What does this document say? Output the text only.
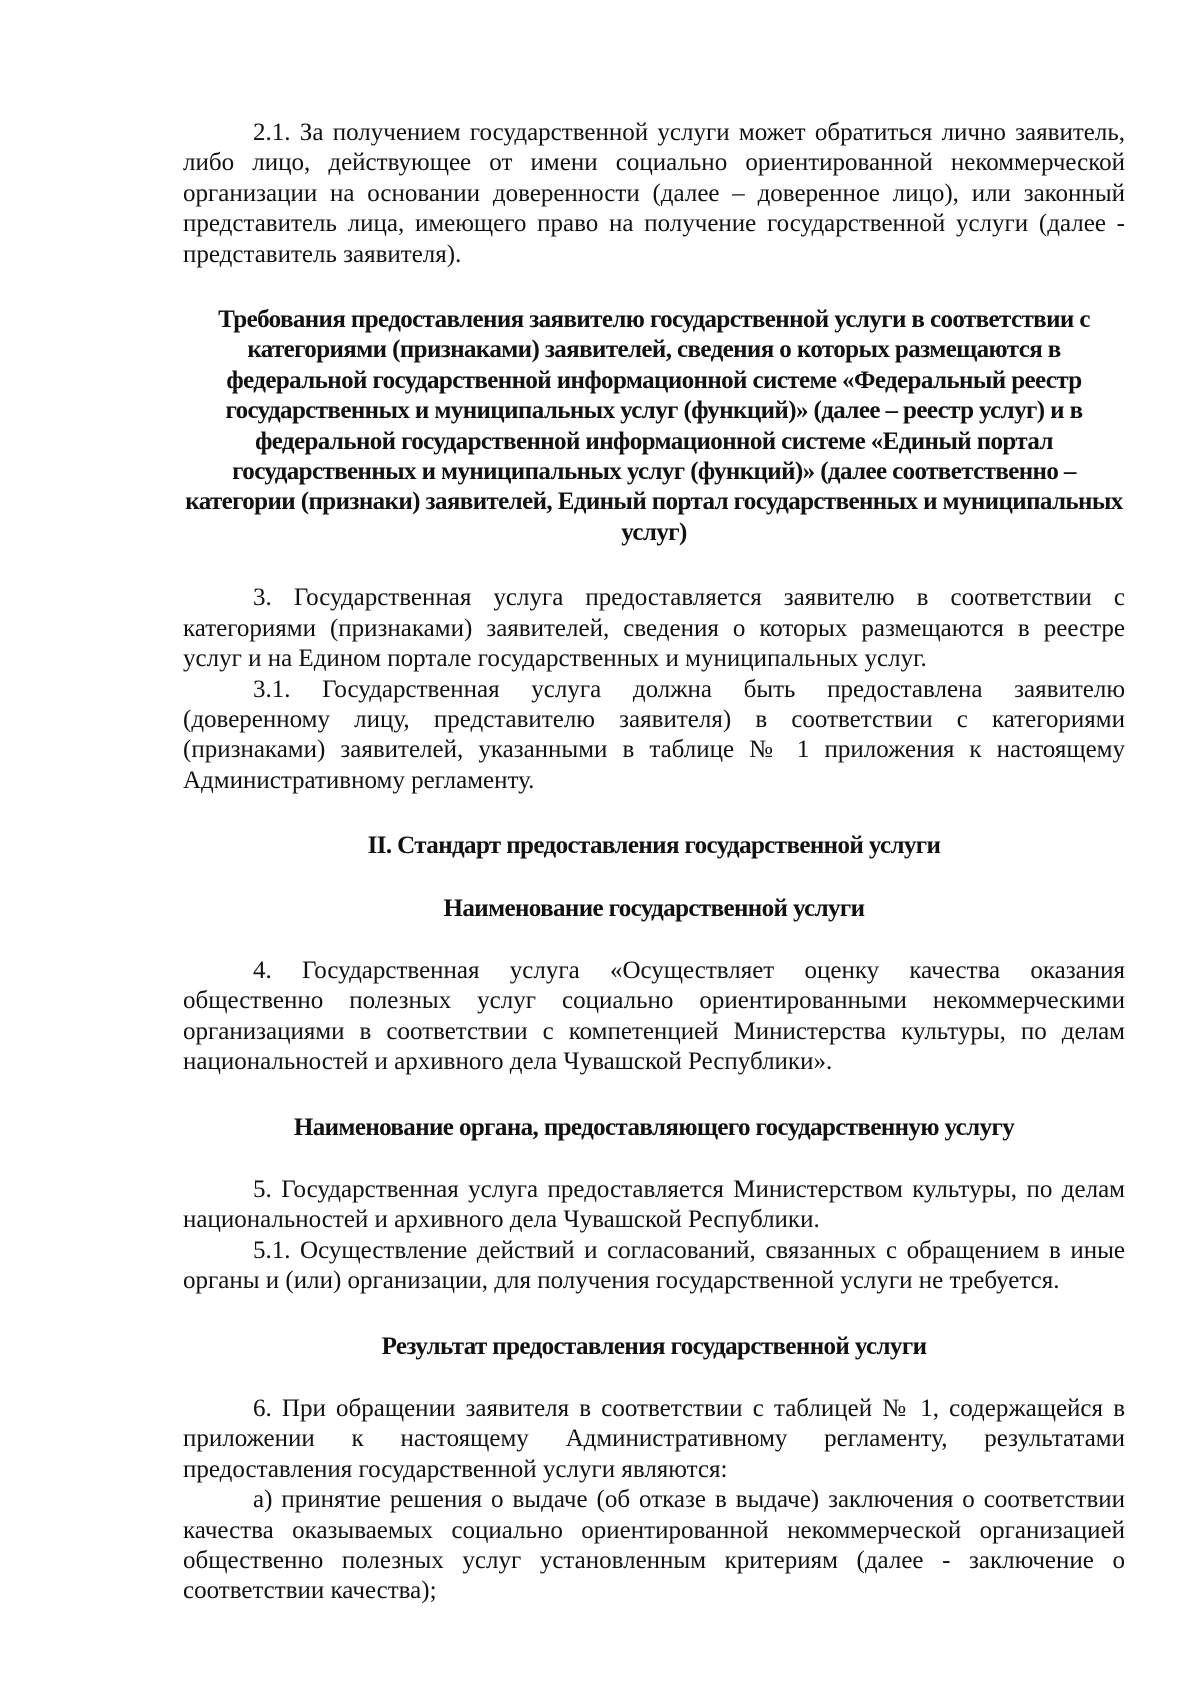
2.1. За получением государственной услуги может обратиться лично заявитель, либо лицо, действующее от имени социально ориентированной некоммерческой организации на основании доверенности (далее – доверенное лицо), или законный представитель лица, имеющего право на получение государственной услуги (далее - представитель заявителя).

Требования предоставления заявителю государственной услуги в соответствии с категориями (признаками) заявителей, сведения о которых размещаются в федеральной государственной информационной системе «Федеральный реестр государственных и муниципальных услуг (функций)» (далее – реестр услуг) и в федеральной государственной информационной системе «Единый портал государственных и муниципальных услуг (функций)» (далее соответственно – категории (признаки) заявителей, Единый портал государственных и муниципальных услуг)

3. Государственная услуга предоставляется заявителю в соответствии с категориями (признаками) заявителей, сведения о которых размещаются в реестре услуг и на Едином портале государственных и муниципальных услуг.

3.1. Государственная услуга должна быть предоставлена заявителю (доверенному лицу, представителю заявителя) в соответствии с категориями (признаками) заявителей, указанными в таблице № 1 приложения к настоящему Административному регламенту.

II. Стандарт предоставления государственной услуги
Наименование государственной услуги

4. Государственная услуга «Осуществляет оценку качества оказания общественно полезных услуг социально ориентированными некоммерческими организациями в соответствии с компетенцией Министерства культуры, по делам национальностей и архивного дела Чувашской Республики».

Наименование органа, предоставляющего государственную услугу

5. Государственная услуга предоставляется Министерством культуры, по делам национальностей и архивного дела Чувашской Республики.

5.1. Осуществление действий и согласований, связанных с обращением в иные органы и (или) организации, для получения государственной услуги не требуется.

Результат предоставления государственной услуги

6. При обращении заявителя в соответствии с таблицей № 1, содержащейся в приложении к настоящему Административному регламенту, результатами предоставления государственной услуги являются:

а) принятие решения о выдаче (об отказе в выдаче) заключения о соответствии качества оказываемых социально ориентированной некоммерческой организацией общественно полезных услуг установленным критериям (далее - заключение о соответствии качества);
